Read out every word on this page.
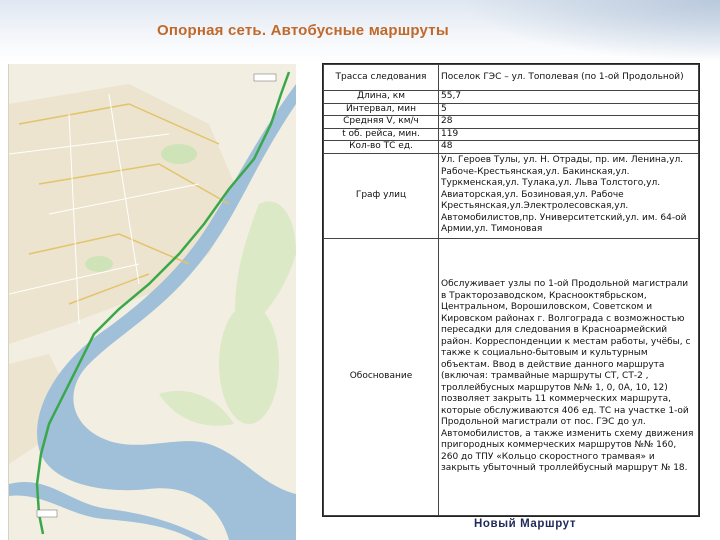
Опорная сеть. Автобусные маршруты
Трасса следования	Поселок ГЭС – ул. Тополевая (по 1-ой Продольной)
Длина, км	55,7
Интервал, мин	5
Средняя V, км/ч	28
t об. рейса, мин.	119
Кол-во ТС ед.	48
Граф улиц	Ул. Героев Тулы, ул. Н. Отрады, пр. им. Ленина,ул. Рабоче-Крестьянская,ул. Бакинская,ул. Туркменская,ул. Тулака,ул. Льва Толстого,ул. Авиаторская,ул. Бозиновая,ул. Рабоче Крестьянская,ул.Электролесовская,ул. Автомобилистов,пр. Университетский,ул. им. 64-ой Армии,ул. Тимоновая
Обоснование	Обслуживает узлы по 1-ой Продольной магистрали в Тракторозаводском, Краснооктябрьском, Центральном, Ворошиловском, Советском и Кировском районах г. Волгограда с возможностью пересадки для следования в Красноармейский район. Корреспонденции к местам работы, учёбы, с также к социально-бытовым и культурным объектам. Ввод в действие данного маршрута (включая: трамвайные маршруты СТ, СТ-2 , троллейбусных маршрутов №№ 1, 0, 0А, 10, 12) позволяет закрыть 11 коммерческих маршрута, которые обслуживаются 406 ед. ТС на участке 1-ой Продольной магистрали от пос. ГЭС до ул. Автомобилистов, а также изменить схему движения пригородных коммерческих маршрутов №№ 160, 260 до ТПУ «Кольцо скоростного трамвая» и закрыть убыточный троллейбусный маршрут № 18.
Новый Маршрут
